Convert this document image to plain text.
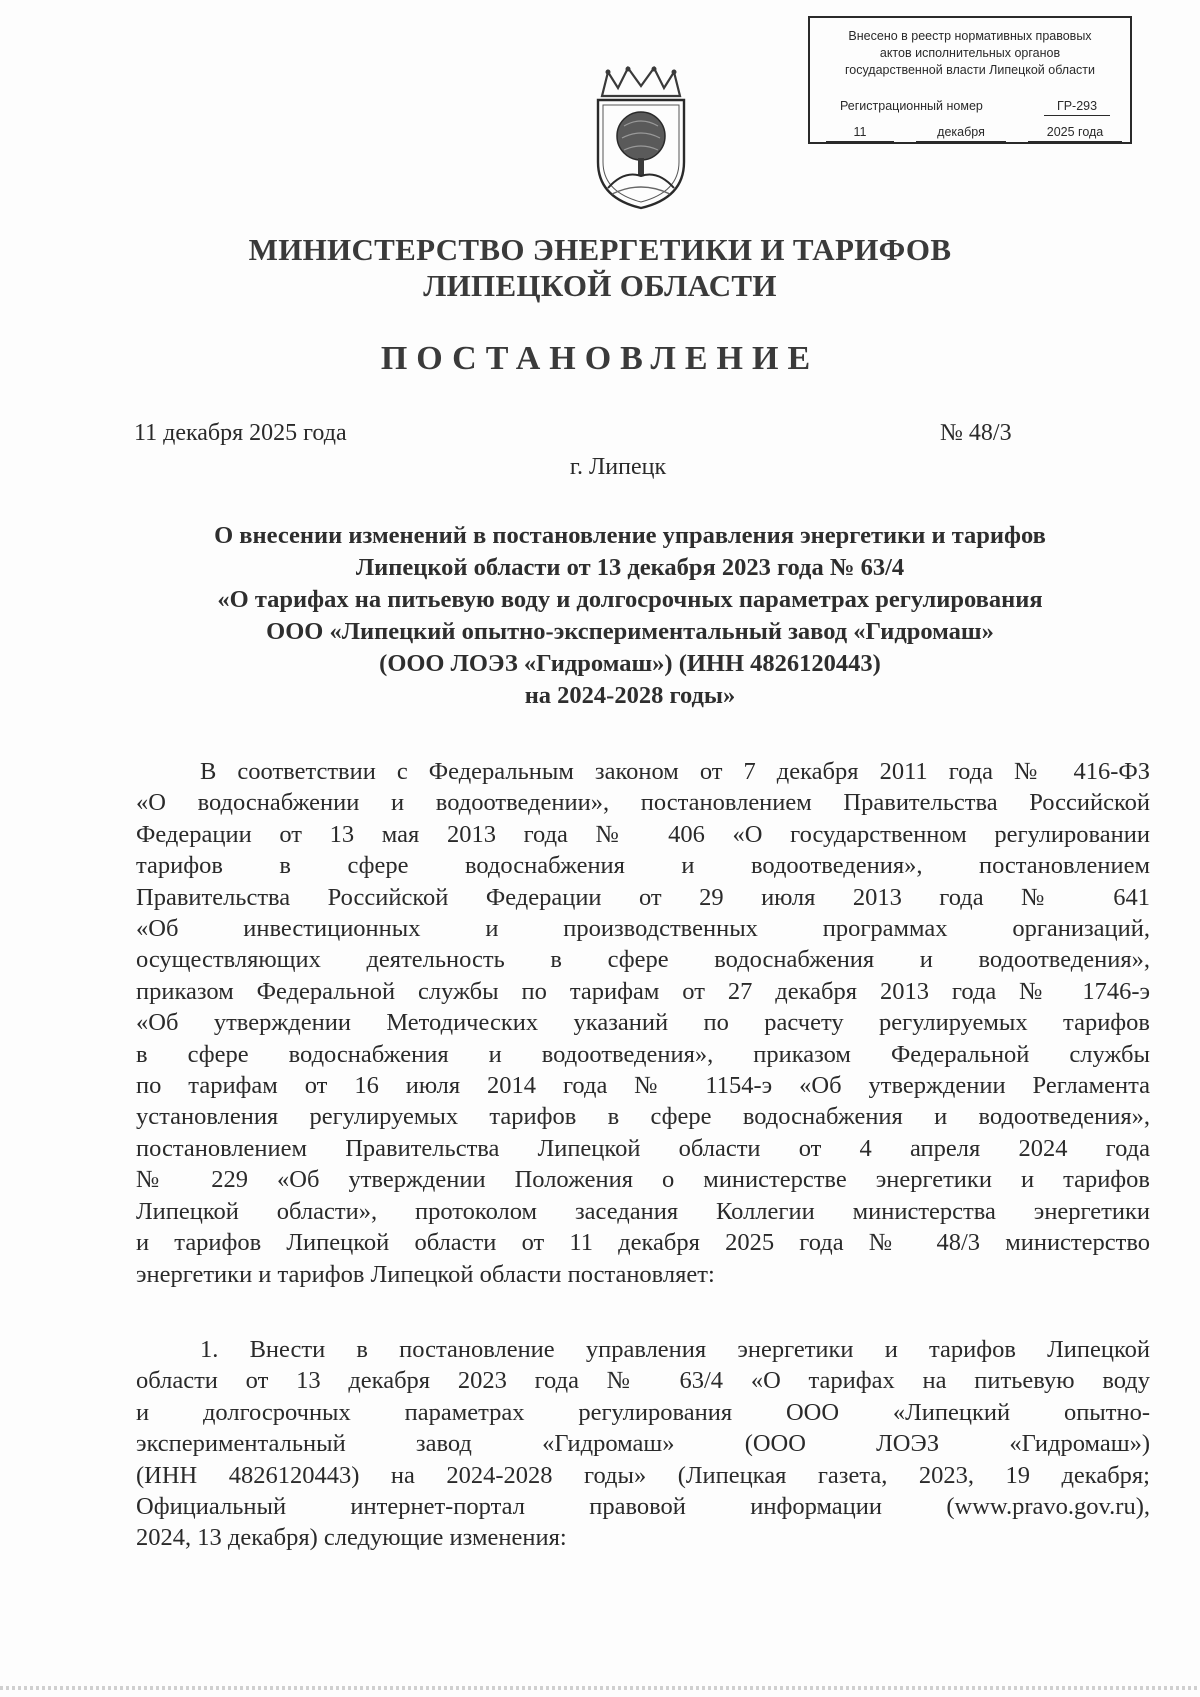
Внесено в реестр нормативных правовых
актов исполнительных органов
государственной власти Липецкой области
Регистрационный номер	ГР-293
11	декабря	2025 года
МИНИСТЕРСТВО ЭНЕРГЕТИКИ И ТАРИФОВ
ЛИПЕЦКОЙ ОБЛАСТИ
ПОСТАНОВЛЕНИЕ
11 декабря 2025 года	№ 48/3
г. Липецк
О внесении изменений в постановление управления энергетики и тарифов
Липецкой области от 13 декабря 2023 года № 63/4
«О тарифах на питьевую воду и долгосрочных параметрах регулирования
ООО «Липецкий опытно-экспериментальный завод «Гидромаш»
(ООО ЛОЭЗ «Гидромаш») (ИНН 4826120443)
на 2024-2028 годы»
В соответствии с Федеральным законом от 7 декабря 2011 года № 416-ФЗ
«О водоснабжении и водоотведении», постановлением Правительства Российской
Федерации от 13 мая 2013 года № 406 «О государственном регулировании
тарифов в сфере водоснабжения и водоотведения», постановлением
Правительства Российской Федерации от 29 июля 2013 года № 641
«Об инвестиционных и производственных программах организаций,
осуществляющих деятельность в сфере водоснабжения и водоотведения»,
приказом Федеральной службы по тарифам от 27 декабря 2013 года № 1746-э
«Об утверждении Методических указаний по расчету регулируемых тарифов
в сфере водоснабжения и водоотведения», приказом Федеральной службы
по тарифам от 16 июля 2014 года № 1154-э «Об утверждении Регламента
установления регулируемых тарифов в сфере водоснабжения и водоотведения»,
постановлением Правительства Липецкой области от 4 апреля 2024 года
№ 229 «Об утверждении Положения о министерстве энергетики и тарифов
Липецкой области», протоколом заседания Коллегии министерства энергетики
и тарифов Липецкой области от 11 декабря 2025 года № 48/3 министерство
энергетики и тарифов Липецкой области постановляет:
1. Внести в постановление управления энергетики и тарифов Липецкой
области от 13 декабря 2023 года № 63/4 «О тарифах на питьевую воду
и долгосрочных параметрах регулирования ООО «Липецкий опытно-
экспериментальный завод «Гидромаш» (ООО ЛОЭЗ «Гидромаш»)
(ИНН 4826120443) на 2024-2028 годы» (Липецкая газета, 2023, 19 декабря;
Официальный интернет-портал правовой информации (www.pravo.gov.ru),
2024, 13 декабря) следующие изменения:
